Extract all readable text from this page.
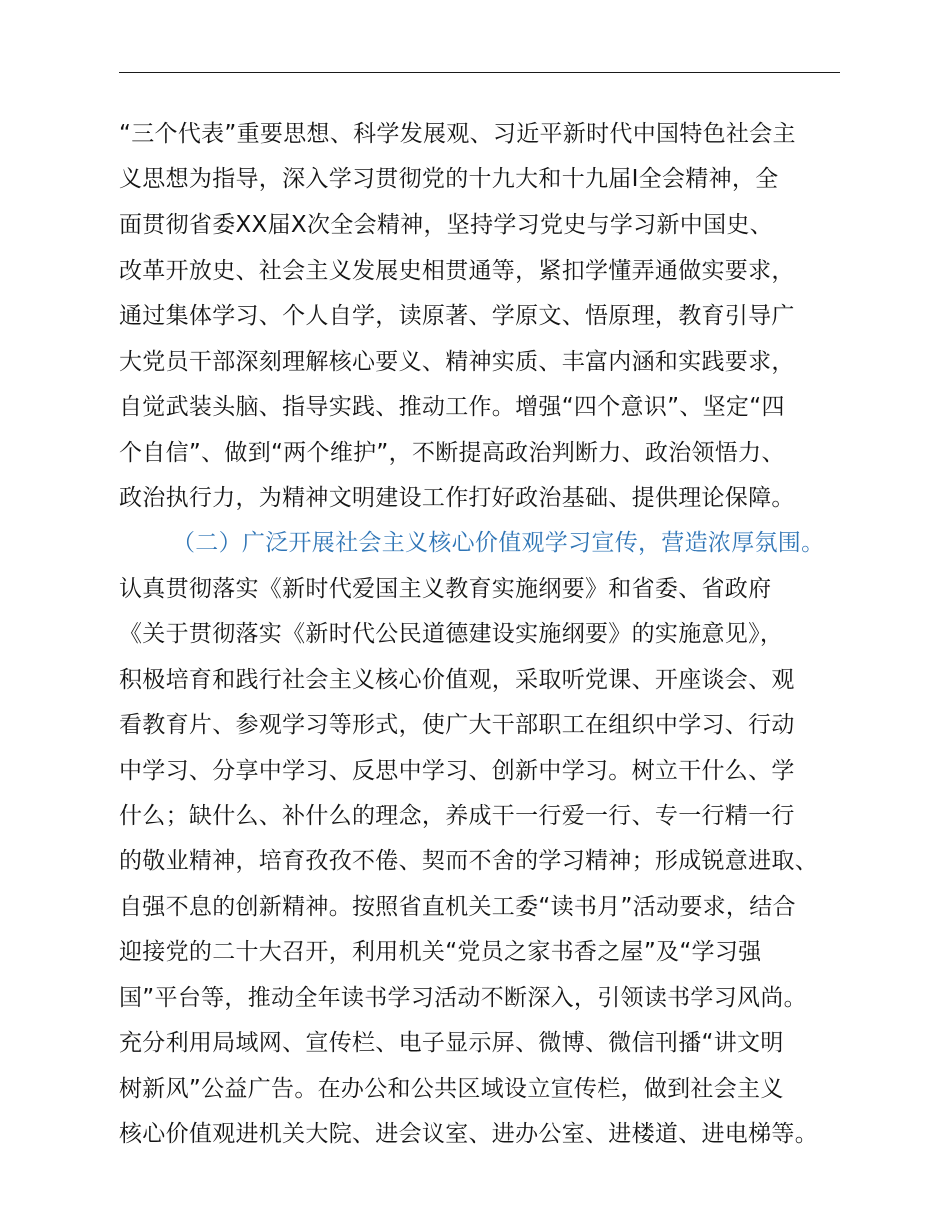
“三个代表”重要思想、科学发展观、习近平新时代中国特色社会主
义思想为指导，深入学习贯彻党的十九大和十九届Ⅰ全会精神，全
面贯彻省委XX届X次全会精神，坚持学习党史与学习新中国史、
改革开放史、社会主义发展史相贯通等，紧扣学懂弄通做实要求，
通过集体学习、个人自学，读原著、学原文、悟原理，教育引导广
大党员干部深刻理解核心要义、精神实质、丰富内涵和实践要求，
自觉武装头脑、指导实践、推动工作。增强“四个意识”、坚定“四
个自信”、做到“两个维护”，不断提高政治判断力、政治领悟力、
政治执行力，为精神文明建设工作打好政治基础、提供理论保障。
（二）广泛开展社会主义核心价值观学习宣传，营造浓厚氛围。
认真贯彻落实《新时代爱国主义教育实施纲要》和省委、省政府
《关于贯彻落实《新时代公民道德建设实施纲要》的实施意见》，
积极培育和践行社会主义核心价值观，采取听党课、开座谈会、观
看教育片、参观学习等形式，使广大干部职工在组织中学习、行动
中学习、分享中学习、反思中学习、创新中学习。树立干什么、学
什么；缺什么、补什么的理念，养成干一行爱一行、专一行精一行
的敬业精神，培育孜孜不倦、契而不舍的学习精神；形成锐意进取、
自强不息的创新精神。按照省直机关工委“读书月”活动要求，结合
迎接党的二十大召开，利用机关“党员之家书香之屋”及“学习强
国”平台等，推动全年读书学习活动不断深入，引领读书学习风尚。
充分利用局域网、宣传栏、电子显示屏、微博、微信刊播“讲文明
树新风”公益广告。在办公和公共区域设立宣传栏，做到社会主义
核心价值观进机关大院、进会议室、进办公室、进楼道、进电梯等。
